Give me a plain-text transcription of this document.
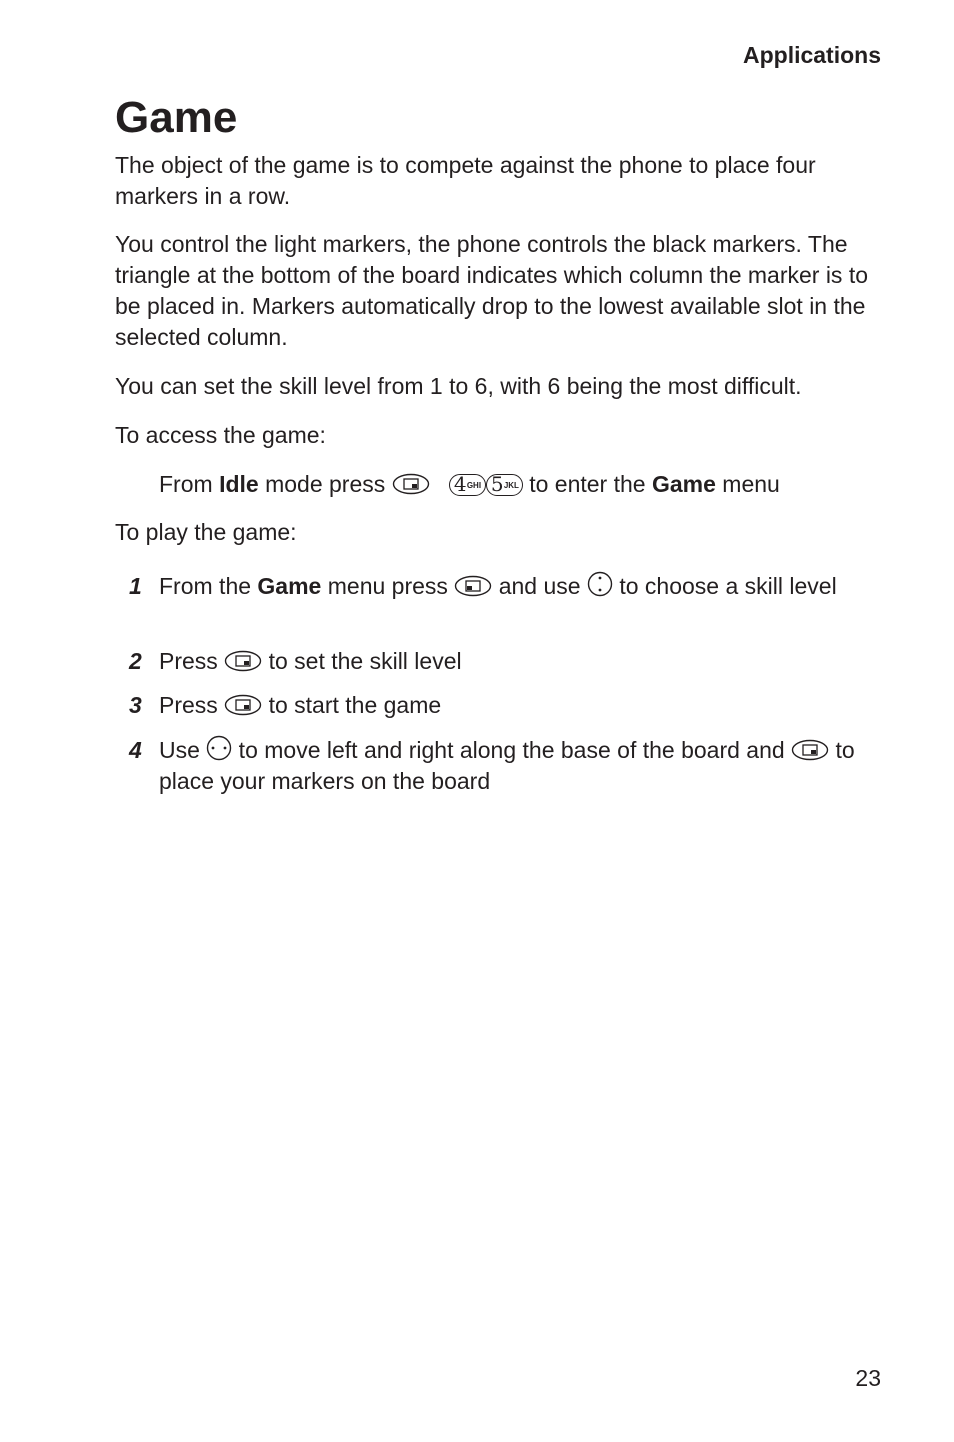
Applications
Game

The object of the game is to compete against the phone to place four markers in a row.

You control the light markers, the phone controls the black markers. The triangle at the bottom of the board indicates which column the marker is to be placed in. Markers automatically drop to the lowest available slot in the selected column.

You can set the skill level from 1 to 6, with 6 being the most difficult.

To access the game:

From Idle mode press
	4 GHI 5 JKL to enter the Game menu

To play the game:

1 From the Game menu press
and use
to choose a skill level
2 Press
to set the skill level
3 Press
to start the game
4 Use
to move left and right along the base of the board and
to place your markers on the board
23
